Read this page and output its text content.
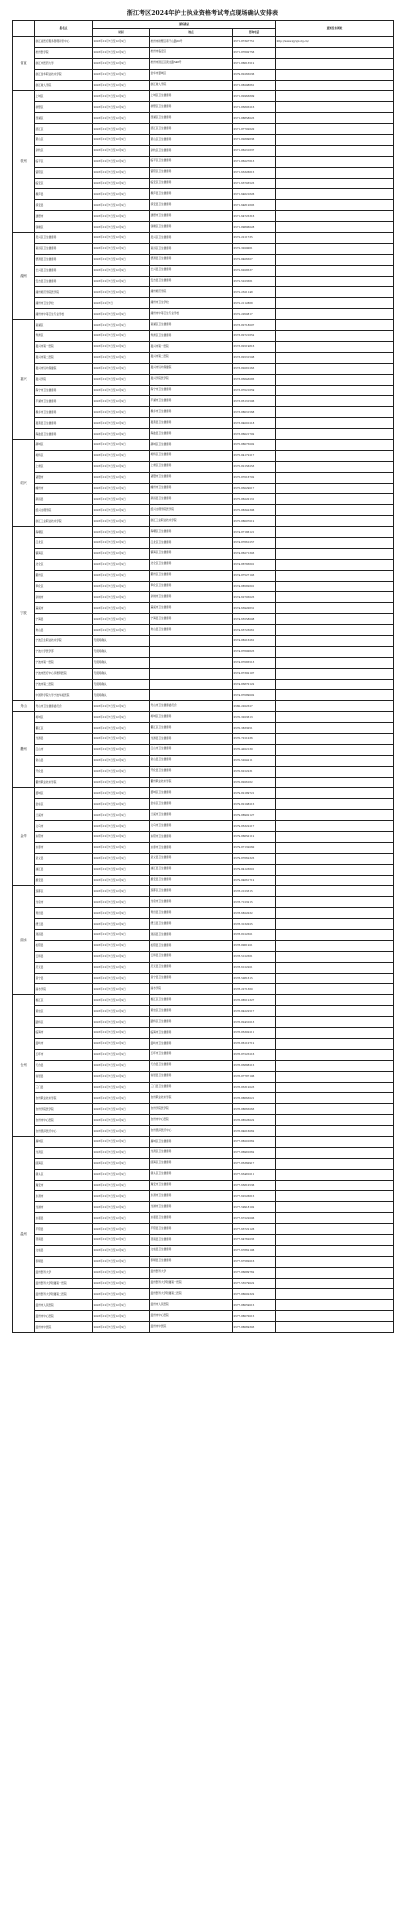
浙江考区2024年护士执业资格考试考点现场确认安排表
	报名点	现场确认			通知发布网址
		时间	地点	咨询电话	
省直	浙江省医疗服务管理评价中心	2023年12月7日至12月9日	杭州市拱墅区莫干山路50号	0571-87347751	http://www.zjyxjl.org.cn/
	杭州医学院	2023年12月7日至12月9日	杭州市临安区	0571-87692756	
	浙江中医药大学	2023年12月7日至12月9日	杭州市滨江区滨文路548号	0571-86613512	
	浙江金华职业技术学院	2023年12月7日至12月9日	金华市婺城区	0579-82265036	
	浙江树人学院	2023年12月7日至12月9日	浙江树人学院	0571-88298661	
杭州	上城区	2023年12月7日至12月9日	上城区卫生健康局	0571-82963809	
	拱墅区	2023年12月7日至12月9日	拱墅区卫生健康局	0571-85805216	
	西湖区	2023年12月7日至12月9日	西湖区卫生健康局	0571-88858025	
	滨江区	2023年12月7日至12月9日	滨江区卫生健康局	0571-87702620	
	萧山区	2023年12月7日至12月9日	萧山区卫生健康局	0571-82899636	
	余杭区	2023年12月7日至12月9日	余杭区卫生健康局	0571-86231637	
	临平区	2023年12月7日至12月9日	临平区卫生健康局	0571-86227613	
	富阳区	2023年12月7日至12月9日	富阳区卫生健康局	0571-63326615	
	临安区	2023年12月7日至12月9日	临安区卫生健康局	0571-63703525	
	桐庐县	2023年12月7日至12月9日	桐庐县卫生健康局	0571-64621826	
	淳安县	2023年12月7日至12月9日	淳安县卫生健康局	0571-64812605	
	建德市	2023年12月7日至12月9日	建德市卫生健康局	0571-64725316	
	钱塘区	2023年12月7日至12月9日	钱塘区卫生健康局	0571-89896028	
湖州	吴兴区卫生健康局	2023年12月7日至12月9日	吴兴区卫生健康局	0572-2211735	
	南浔区卫生健康局	2023年12月7日至12月9日	南浔区卫生健康局	0572-3029061	
	德清县卫生健康局	2023年12月7日至12月9日	德清县卫生健康局	0572-8406507	
	长兴县卫生健康局	2023年12月7日至12月9日	长兴县卫生健康局	0572-6028537	
	安吉县卫生健康局	2023年12月7日至12月9日	安吉县卫生健康局	0572-5223561	
	湖州师范学院医学院	2023年12月7日至12月9日	湖州师范学院	0572-2321148	
	湖州市卫生学校	2023年12月7日	湖州市卫生学校	0572-2112868	
	湖州市中等卫生专业学校	2023年12月7日至12月9日	湖州市中等卫生专业学校	0572-2050817	
嘉兴	南湖区	2023年12月7日至12月9日	南湖区卫生健康局	0573-82718007	
	秀洲区	2023年12月7日至12月9日	秀洲区卫生健康局	0573-82721652	
	嘉兴市第一医院	2023年12月7日至12月9日	嘉兴市第一医院	0573-82519816	
	嘉兴市第二医院	2023年12月7日至12月9日	嘉兴市第二医院	0573-82531508	
	嘉兴市妇幼保健院	2023年12月7日至12月9日	嘉兴市妇幼保健院	0573-82081263	
	嘉兴学院	2023年12月7日至12月9日	嘉兴学院医学院	0573-83643085	
	海宁市卫生健康局	2023年12月7日至12月9日	海宁市卫生健康局	0573-87021659	
	平湖市卫生健康局	2023年12月7日至12月9日	平湖市卫生健康局	0573-85131506	
	桐乡市卫生健康局	2023年12月7日至12月9日	桐乡市卫生健康局	0573-88031568	
	嘉善县卫生健康局	2023年12月7日至12月9日	嘉善县卫生健康局	0573-84091218	
	海盐县卫生健康局	2023年12月7日至12月9日	海盐县卫生健康局	0573-86021702	
绍兴	越城区	2023年12月7日至12月9日	越城区卫生健康局	0575-88075002	
	柯桥区	2023年12月7日至12月9日	柯桥区卫生健康局	0575-84172217	
	上虞区	2023年12月7日至12月9日	上虞区卫生健康局	0575-82156253	
	诸暨市	2023年12月7日至12月9日	诸暨市卫生健康局	0575-87016702	
	嵊州市	2023年12月7日至12月9日	嵊州市卫生健康局	0575-83029017	
	新昌县	2023年12月7日至12月9日	新昌县卫生健康局	0575-86220131	
	绍兴文理学院	2023年12月7日至12月9日	绍兴文理学院医学院	0575-88342306	
	浙江工业职业技术学院	2023年12月7日至12月9日	浙江工业职业技术学院	0575-88007012	
宁波	海曙区	2023年12月7日至12月9日	海曙区卫生健康局	0574-87186121	
	江北区	2023年12月7日至12月9日	江北区卫生健康局	0574-87661257	
	镇海区	2023年12月7日至12月9日	镇海区卫生健康局	0574-86271303	
	北仑区	2023年12月7日至12月9日	北仑区卫生健康局	0574-86783601	
	鄞州区	2023年12月7日至12月9日	鄞州区卫生健康局	0574-87527103	
	奉化区	2023年12月7日至12月9日	奉化区卫生健康局	0574-88582601	
	余姚市	2023年12月7日至12月9日	余姚市卫生健康局	0574-62705025	
	慈溪市	2023年12月7日至12月9日	慈溪市卫生健康局	0574-63920631	
	宁海县	2023年12月7日至12月9日	宁海县卫生健康局	0574-65558008	
	象山县	2023年12月7日至12月9日	象山县卫生健康局	0574-65723061	
	宁波卫生职业技术学院	无现场确认		0574-88216261	
	宁波大学医学部	无现场确认		0574-87600625	
	宁波市第一医院	无现场确认		0574-87085513	
	宁波市医疗中心李惠利医院	无现场确认		0574-87392107	
	宁波市第二医院	无现场确认		0574-83870122	
	中国科学院大学宁波华美医院	无现场确认		0574-87089002	
舟山	舟山市卫生健康委员会	2023年12月7日至12月9日	舟山市卫生健康委员会	0580-2022527	
衢州	柯城区	2023年12月7日至12月9日	柯城区卫生健康局	0570-3023613	
	衢江区	2023年12月7日至12月9日	衢江区卫生健康局	0570-3833051	
	龙游县	2023年12月7日至12月9日	龙游县卫生健康局	0570-7011036	
	江山市	2023年12月7日至12月9日	江山市卫生健康局	0570-4022130	
	常山县	2023年12月7日至12月9日	常山县卫生健康局	0570-5024211	
	开化县	2023年12月7日至12月9日	开化县卫生健康局	0570-6012231	
	衢州职业技术学院	2023年12月7日至12月9日	衢州职业技术学院	0570-8026162	
金华	婺城区	2023年12月7日至12月9日	婺城区卫生健康局	0579-82189721	
	金东区	2023年12月7日至12月9日	金东区卫生健康局	0579-82198215	
	兰溪市	2023年12月7日至12月9日	兰溪市卫生健康局	0579-88902127	
	义乌市	2023年12月7日至12月9日	义乌市卫生健康局	0579-85322217	
	东阳市	2023年12月7日至12月9日	东阳市卫生健康局	0579-86650112	
	永康市	2023年12月7日至12月9日	永康市卫生健康局	0579-87132060	
	武义县	2023年12月7日至12月9日	武义县卫生健康局	0579-87662325	
	浦江县	2023年12月7日至12月9日	浦江县卫生健康局	0579-84123601	
	磐安县	2023年12月7日至12月9日	磐安县卫生健康局	0579-84661712	
丽水	莲都区	2023年12月7日至12月9日	莲都区卫生健康局	0578-2123315	
	龙泉市	2023年12月7日至12月9日	龙泉市卫生健康局	0578-7123215	
	青田县	2023年12月7日至12月9日	青田县卫生健康局	0578-6822032	
	缙云县	2023年12月7日至12月9日	缙云县卫生健康局	0578-3132025	
	遂昌县	2023年12月7日至12月9日	遂昌县卫生健康局	0578-8122501	
	松阳县	2023年12月7日至12月9日	松阳县卫生健康局	0578-8061201	
	云和县	2023年12月7日至12月9日	云和县卫生健康局	0578-5122561	
	庆元县	2023年12月7日至12月9日	庆元县卫生健康局	0578-6122201	
	景宁县	2023年12月7日至12月9日	景宁县卫生健康局	0578-5081615	
	丽水学院	2023年12月7日至12月9日	丽水学院	0578-2271360	
台州	椒江区	2023年12月7日至12月9日	椒江区卫生健康局	0576-88512327	
	黄岩区	2023年12月7日至12月9日	黄岩区卫生健康局	0576-84222517	
	路桥区	2023年12月7日至12月9日	路桥区卫生健康局	0576-82431013	
	临海市	2023年12月7日至12月9日	临海市卫生健康局	0576-85302211	
	温岭市	2023年12月7日至12月9日	温岭市卫生健康局	0576-86110712	
	玉环市	2023年12月7日至12月9日	玉环市卫生健康局	0576-87225216	
	天台县	2023年12月7日至12月9日	天台县卫生健康局	0576-83888215	
	仙居县	2023年12月7日至12月9日	仙居县卫生健康局	0576-87787106	
	三门县	2023年12月7日至12月9日	三门县卫生健康局	0576-83312023	
	台州职业技术学院	2023年12月7日至12月9日	台州职业技术学院	0576-88663021	
	台州学院医学院	2023年12月7日至12月9日	台州学院医学院	0576-88665063	
	台州市中心医院	2023年12月7日至12月9日	台州市中心医院	0576-88526022	
	台州恩泽医疗中心	2023年12月7日至12月9日	台州恩泽医疗中心	0576-84016062	
温州	鹿城区	2023年12月7日至12月9日	鹿城区卫生健康局	0577-88201662	
	龙湾区	2023年12月7日至12月9日	龙湾区卫生健康局	0577-86981662	
	瓯海区	2023年12月7日至12月9日	瓯海区卫生健康局	0577-85360917	
	洞头区	2023年12月7日至12月9日	洞头区卫生健康局	0577-63481011	
	瑞安市	2023年12月7日至12月9日	瑞安市卫生健康局	0577-65810536	
	乐清市	2023年12月7日至12月9日	乐清市卫生健康局	0577-62526615	
	龙港市	2023年12月7日至12月9日	龙港市卫生健康局	0577-59918102	
	永嘉县	2023年12月7日至12月9日	永嘉县卫生健康局	0577-67222006	
	平阳县	2023年12月7日至12月9日	平阳县卫生健康局	0577-63722126	
	苍南县	2023年12月7日至12月9日	苍南县卫生健康局	0577-64762035	
	文成县	2023年12月7日至12月9日	文成县卫生健康局	0577-67862106	
	泰顺县	2023年12月7日至12月9日	泰顺县卫生健康局	0577-67582016	
	温州医科大学	2023年12月7日至12月9日	温州医科大学	0577-86689762	
	温州医科大学附属第一医院	2023年12月7日至12月9日	温州医科大学附属第一医院	0577-55579022	
	温州医科大学附属第二医院	2023年12月7日至12月9日	温州医科大学附属第二医院	0577-88002322	
	温州市人民医院	2023年12月7日至12月9日	温州市人民医院	0577-88059015	
	温州市中心医院	2023年12月7日至12月9日	温州市中心医院	0577-88070015	
	温州市中医院	2023年12月7日至12月9日	温州市中医院	0577-88069303	
